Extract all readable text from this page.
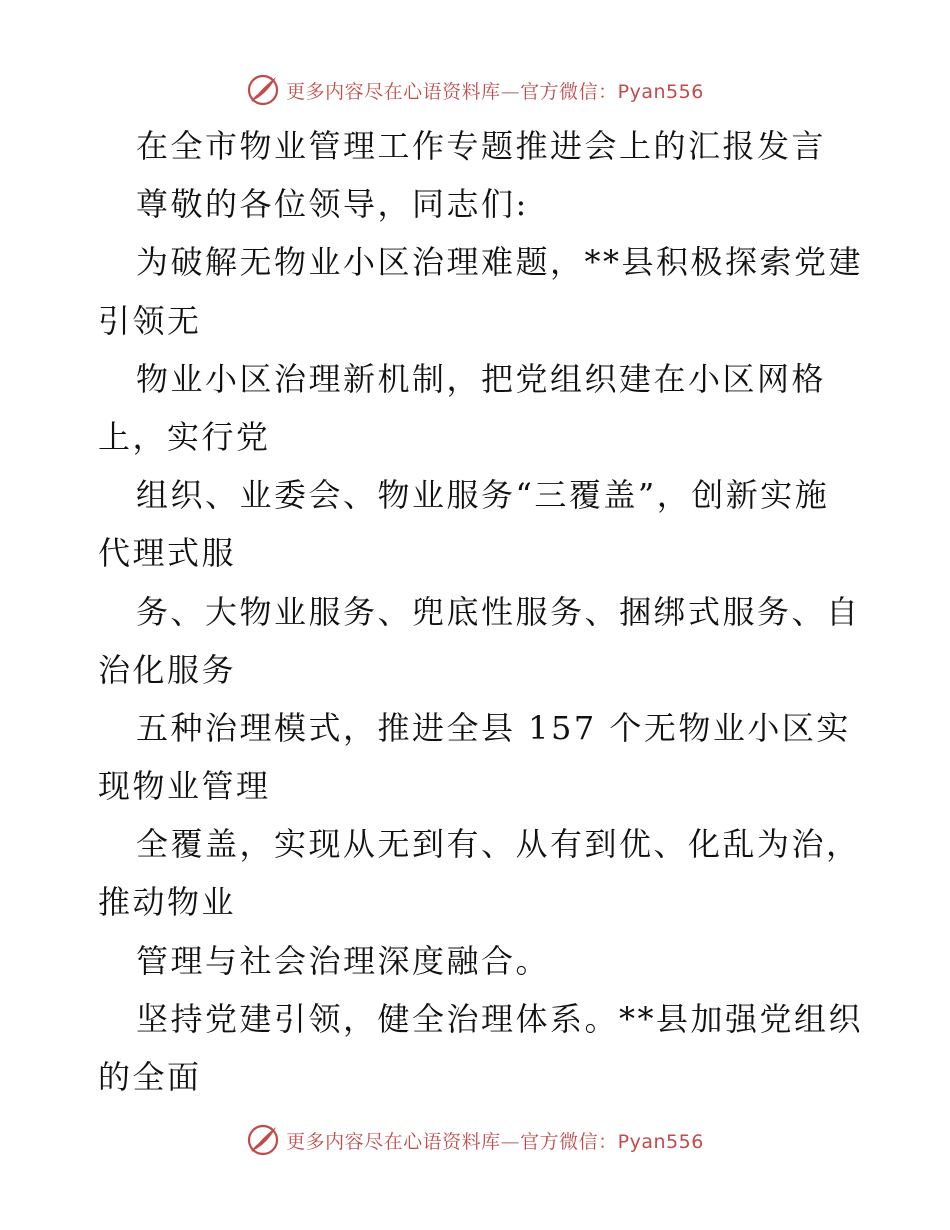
更多内容尽在心语资料库—官方微信：Pyan556
在全市物业管理工作专题推进会上的汇报发言
尊敬的各位领导，同志们:
为破解无物业小区治理难题，**县积极探索党建
引领无
物业小区治理新机制，把党组织建在小区网格
上，实行党
组织、业委会、物业服务“三覆盖”，创新实施
代理式服
务、大物业服务、兜底性服务、捆绑式服务、自
治化服务
五种治理模式，推进全县 157 个无物业小区实
现物业管理
全覆盖，实现从无到有、从有到优、化乱为治，
推动物业
管理与社会治理深度融合。
坚持党建引领，健全治理体系。**县加强党组织
的全面
更多内容尽在心语资料库—官方微信：Pyan556
